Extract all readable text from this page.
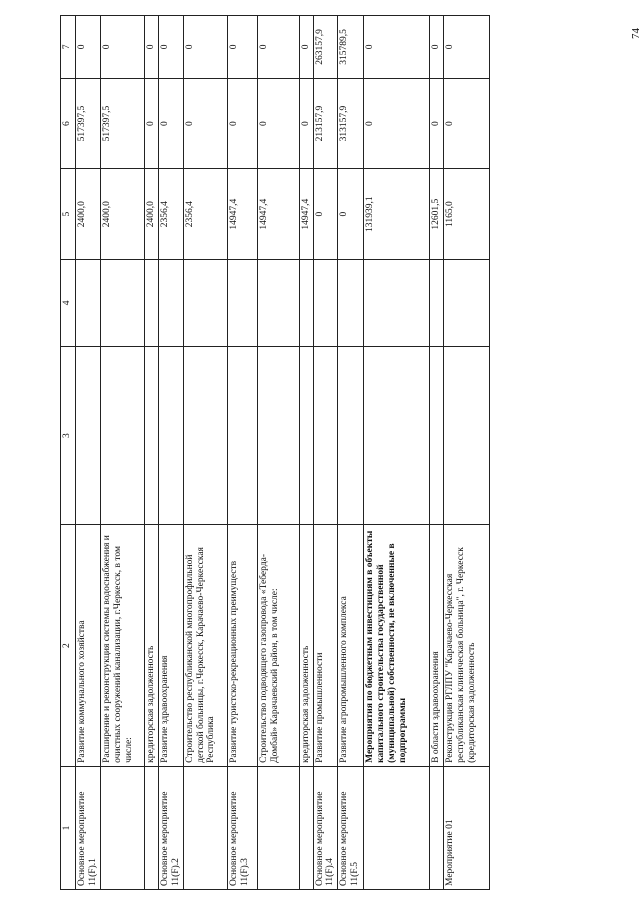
74
1	2	3	4	5	6	7
Основное мероприятие 11(F).1	Развитие коммунального хозяйства			2400,0	517397,5	0
	Расширение и реконструкция системы водоснабжения и очистных сооружений канализации, г.Черкесск, в том числе:			2400,0	517397,5	0
	кредиторская задолженность			2400,0	0	0
Основное мероприятие 11(F).2	Развитие здравоохранения			2356,4	0	0
	Строительство республиканской многопрофильной детской больницы, г.Черкесск, Карачаево-Черкесская Республика			2356,4	0	0
Основное мероприятие 11(F).3	Развитие туристско-рекреационных преимуществ			14947,4	0	0
	Строительство подводящего газопровода «Теберда-Домбай» Карачаевский район, в том числе:			14947,4	0	0
	кредиторская задолженность			14947,4	0	0
Основное мероприятие 11(F).4	Развитие промышленности			0	213157,9	263157,9
Основное мероприятие 11(F.5	Развитие агропромышленного комплекса			0	313157,9	315789,5
	Мероприятия по бюджетным инвестициям в объекты капитального строительства государственной (муниципальной) собственности, не включенные в подпрограммы			131939,1	0	0
	В области здравоохранения			12601,5	0	0
Мероприятие 01	Реконструкция РГЛПУ "Карачаево-Черкесская республиканская клиническая больница", г. Черкесск (кредиторская задолженность			1165,0	0	0
